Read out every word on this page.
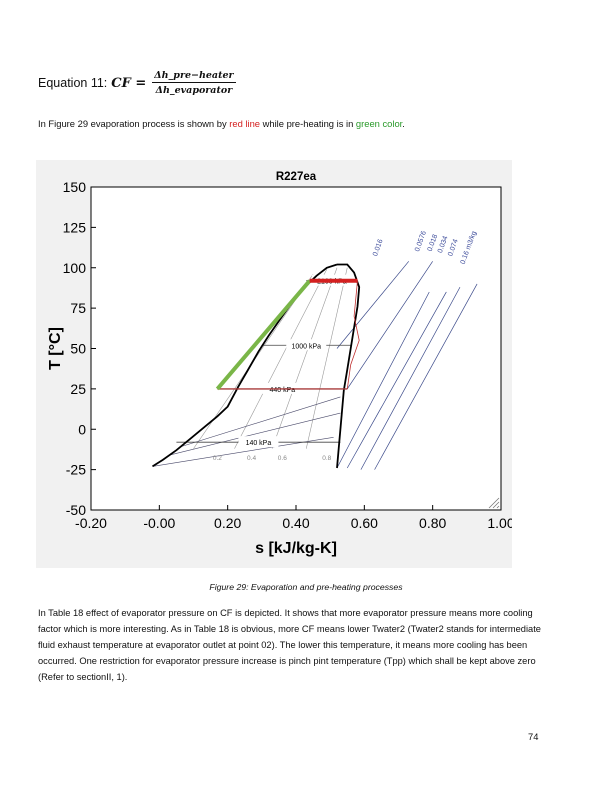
Equation 11: CF = $\frac{\text{Δh\_pre−heater}}{\text{Δh\_evaporator}}$
In Figure 29 evaporation process is shown by red line while pre-heating is in green color.
R227ea
150
125
100
75
50
25
0
-25
-50
-0.20	-0.00	0.20	0.40	0.60	0.80	1.00
s [kJ/kg-K]
T [°C]
2100 kPa
1000 kPa
440 kPa
140 kPa
0.2	0.4	0.6	0.8
0.016	0.0576
0.018
0.034
0.074 0.16 m3/kg
Figure 29: Evaporation and pre-heating processes
In Table 18 effect of evaporator pressure on CF is depicted. It shows that more evaporator pressure means more cooling factor which is more interesting. As in Table 18 is obvious, more CF means lower Twater2 (Twater2 stands for intermediate fluid exhaust temperature at evaporator outlet at point 02). The lower this temperature, it means more cooling has been occurred. One restriction for evaporator pressure increase is pinch pint temperature (Tpp) which shall be kept above zero (Refer to sectionII, 1).
74
